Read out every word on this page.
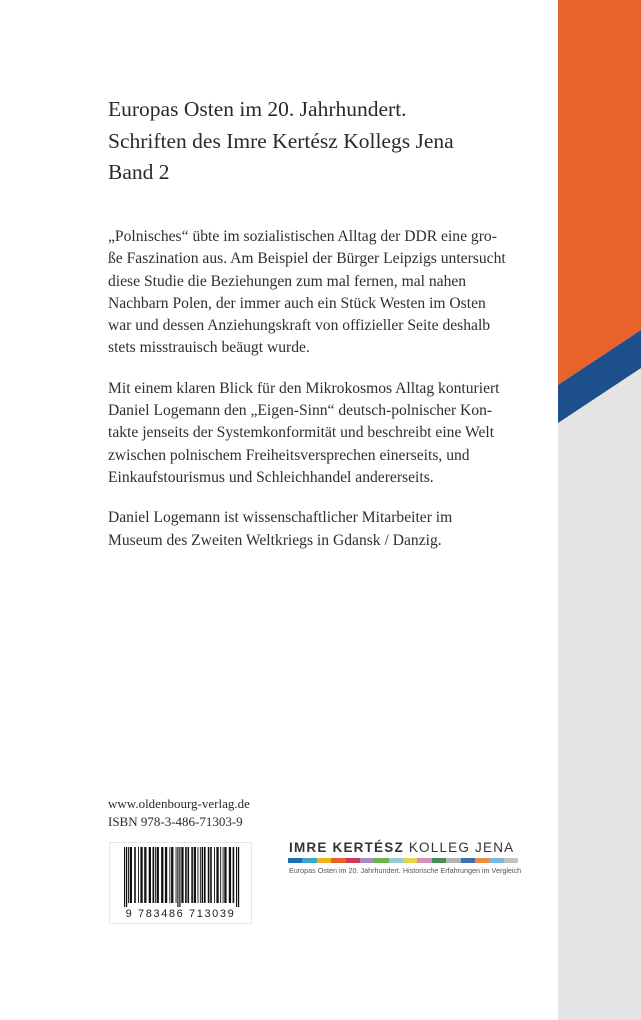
Europas Osten im 20. Jahrhundert.
Schriften des Imre Kertész Kollegs Jena
Band 2

„Polnisches“ übte im sozialistischen Alltag der DDR eine gro-
ße Faszination aus. Am Beispiel der Bürger Leipzigs untersucht
diese Studie die Beziehungen zum mal fernen, mal nahen
Nachbarn Polen, der immer auch ein Stück Westen im Osten
war und dessen Anziehungskraft von offizieller Seite deshalb
stets misstrauisch beäugt wurde.

Mit einem klaren Blick für den Mikrokosmos Alltag konturiert
Daniel Logemann den „Eigen-Sinn“ deutsch-polnischer Kon-
takte jenseits der Systemkonformität und beschreibt eine Welt
zwischen polnischem Freiheitsversprechen einerseits, und
Einkaufstourismus und Schleichhandel andererseits.

Daniel Logemann ist wissenschaftlicher Mitarbeiter im
Museum des Zweiten Weltkriegs in Gdansk / Danzig.

www.oldenbourg-verlag.de
ISBN 978-3-486-71303-9
9 783486 713039
IMRE KERTÉSZ KOLLEG JENA
Europas Osten im 20. Jahrhundert. Historische Erfahrungen im Vergleich
